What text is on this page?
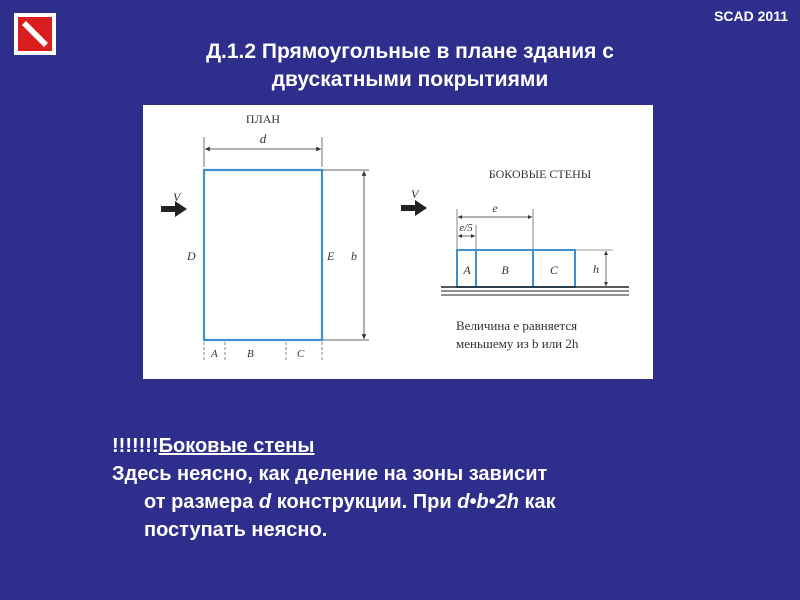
SCAD 2011
Д.1.2 Прямоугольные в плане здания с
двускатными покрытиями
ПЛАН
d
V
D	E b
A	B	C
БОКОВЫЕ СТЕНЫ
V
e
e/5
A	B	C	h
Величина e равняется
меньшему из b или 2h
!!!!!!!Боковые стены
Здесь неясно, как деление на зоны зависит
от размера d конструкции. При d•b•2h как
поступать неясно.
